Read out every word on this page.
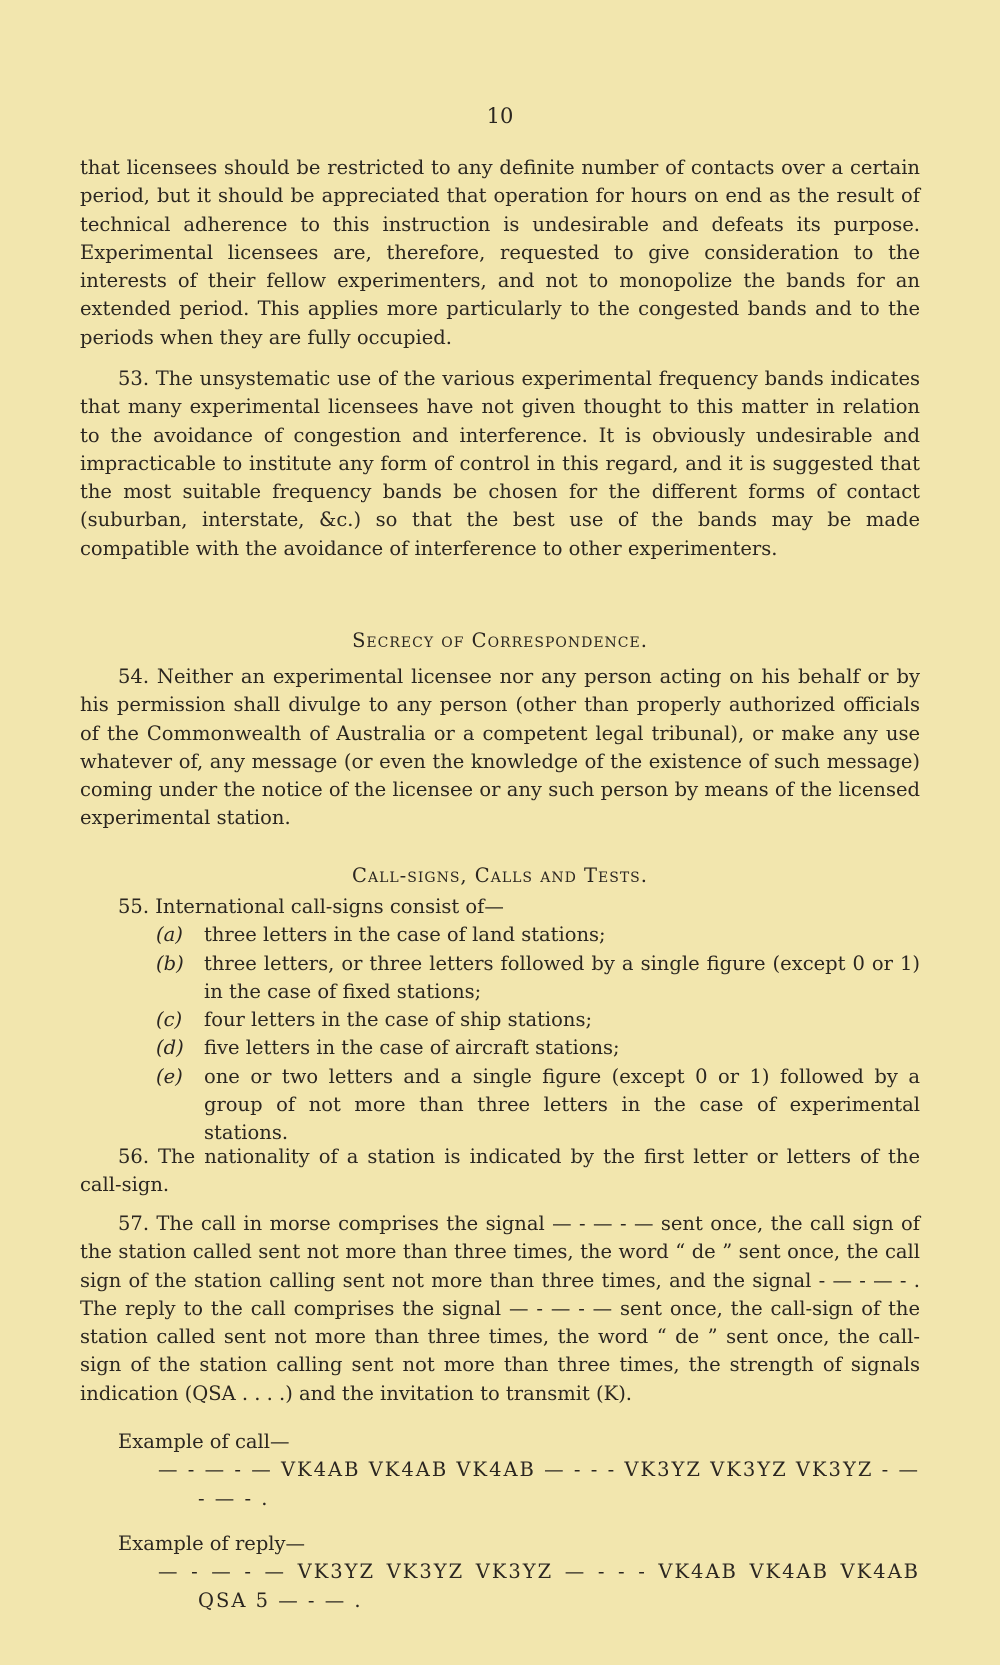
10

that licensees should be restricted to any definite number of contacts over a certain period, but it should be appreciated that operation for hours on end as the result of technical adherence to this instruction is undesirable and defeats its purpose. Experimental licensees are, therefore, requested to give consideration to the interests of their fellow experimenters, and not to monopolize the bands for an extended period. This applies more particularly to the congested bands and to the periods when they are fully occupied.

53. The unsystematic use of the various experimental frequency bands indicates that many experimental licensees have not given thought to this matter in relation to the avoidance of congestion and interference. It is obviously undesirable and impracticable to institute any form of control in this regard, and it is suggested that the most suitable frequency bands be chosen for the different forms of contact (suburban, interstate, &c.) so that the best use of the bands may be made compatible with the avoidance of interference to other experimenters.

Secrecy of Correspondence.

54. Neither an experimental licensee nor any person acting on his behalf or by his permission shall divulge to any person (other than properly authorized officials of the Commonwealth of Australia or a competent legal tribunal), or make any use whatever of, any message (or even the knowledge of the existence of such message) coming under the notice of the licensee or any such person by means of the licensed experimental station.

Call-signs, Calls and Tests.

55. International call-signs consist of—

(a)	three letters in the case of land stations;
(b)	three letters, or three letters followed by a single figure (except 0 or 1) in the case of fixed stations;
(c)	four letters in the case of ship stations;
(d)	five letters in the case of aircraft stations;
(e)	one or two letters and a single figure (except 0 or 1) followed by a group of not more than three letters in the case of experimental stations.

56. The nationality of a station is indicated by the first letter or letters of the call-sign.

57. The call in morse comprises the signal — - — - — sent once, the call sign of the station called sent not more than three times, the word “ de ” sent once, the call sign of the station calling sent not more than three times, and the signal - — - — - . The reply to the call comprises the signal — - — - — sent once, the call-sign of the station called sent not more than three times, the word “ de ” sent once, the call-sign of the station calling sent not more than three times, the strength of signals indication (QSA . . . .) and the invitation to transmit (K).

Example of call—

— - — - — VK4AB VK4AB VK4AB — - - - VK3YZ VK3YZ VK3YZ - — - — - .

Example of reply—

— - — - — VK3YZ VK3YZ VK3YZ — - - - VK4AB VK4AB VK4AB QSA 5 — - — .
